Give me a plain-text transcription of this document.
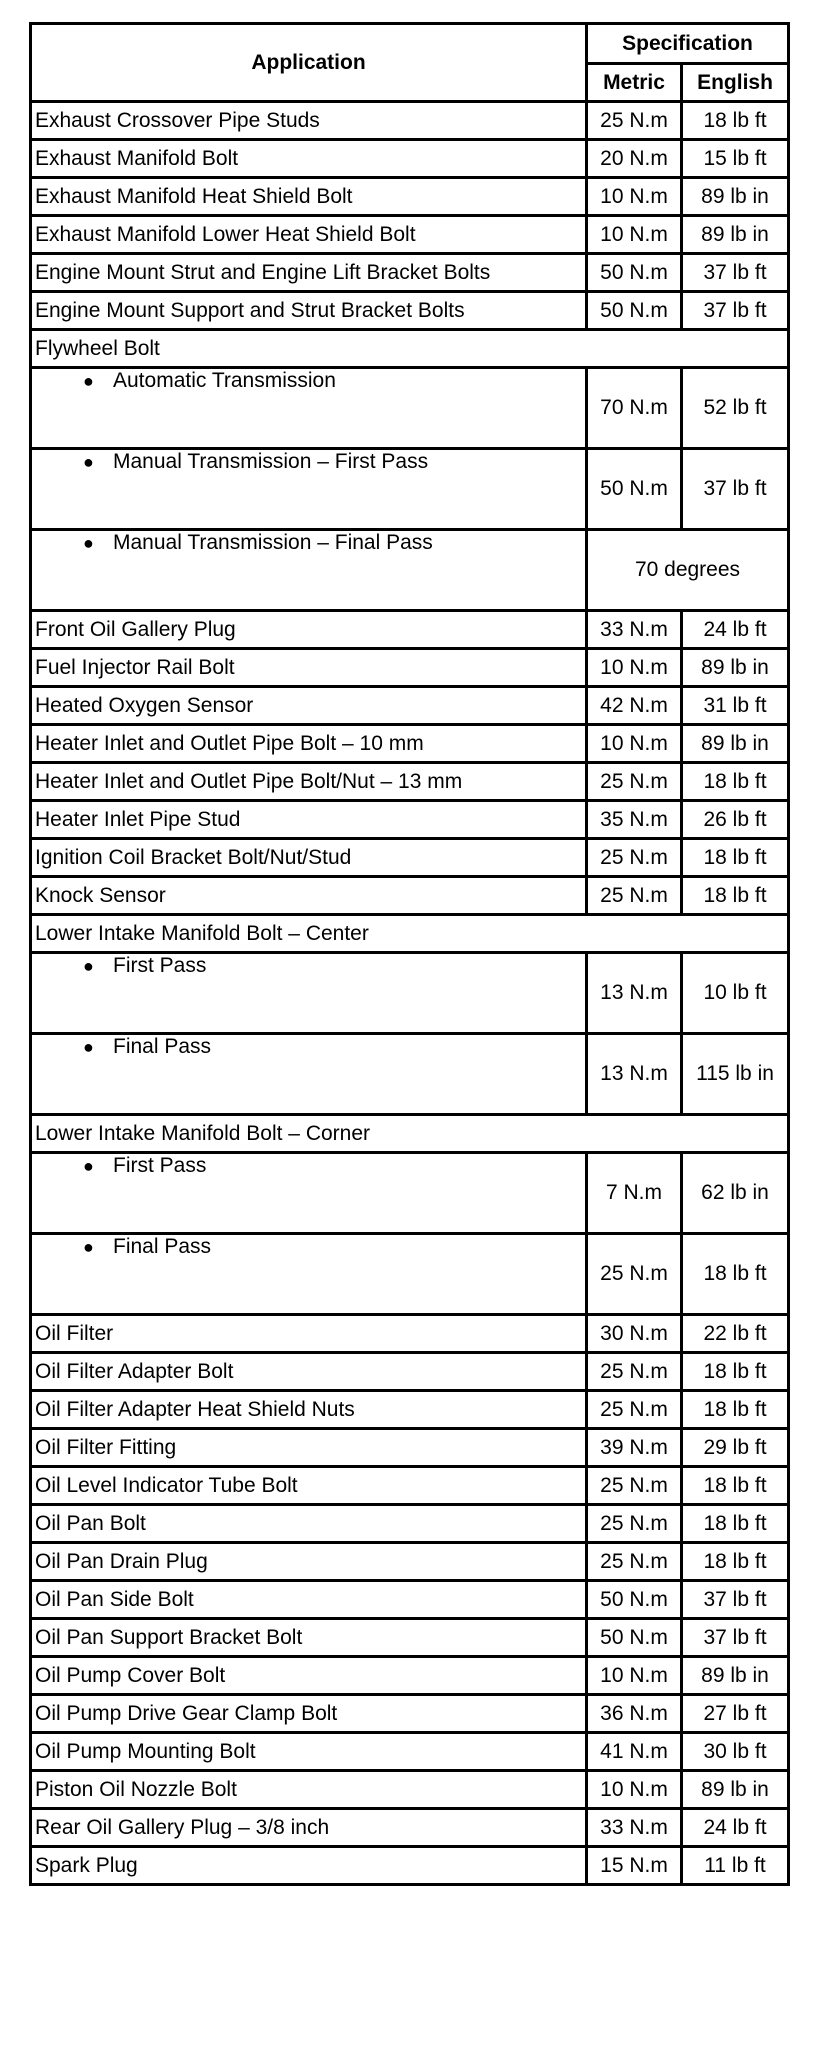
Application	Specification	
	Metric	English
Exhaust Crossover Pipe Studs	25 N.m	18 lb ft
Exhaust Manifold Bolt	20 N.m	15 lb ft
Exhaust Manifold Heat Shield Bolt	10 N.m	89 lb in
Exhaust Manifold Lower Heat Shield Bolt	10 N.m	89 lb in
Engine Mount Strut and Engine Lift Bracket Bolts	50 N.m	37 lb ft
Engine Mount Support and Strut Bracket Bolts	50 N.m	37 lb ft
Flywheel Bolt		
● Automatic Transmission	70 N.m	52 lb ft
● Manual Transmission – First Pass	50 N.m	37 lb ft
● Manual Transmission – Final Pass	70 degrees	
Front Oil Gallery Plug	33 N.m	24 lb ft
Fuel Injector Rail Bolt	10 N.m	89 lb in
Heated Oxygen Sensor	42 N.m	31 lb ft
Heater Inlet and Outlet Pipe Bolt – 10 mm	10 N.m	89 lb in
Heater Inlet and Outlet Pipe Bolt/Nut – 13 mm	25 N.m	18 lb ft
Heater Inlet Pipe Stud	35 N.m	26 lb ft
Ignition Coil Bracket Bolt/Nut/Stud	25 N.m	18 lb ft
Knock Sensor	25 N.m	18 lb ft
Lower Intake Manifold Bolt – Center		
● First Pass	13 N.m	10 lb ft
● Final Pass	13 N.m	115 lb in
Lower Intake Manifold Bolt – Corner		
● First Pass	7 N.m	62 lb in
● Final Pass	25 N.m	18 lb ft
Oil Filter	30 N.m	22 lb ft
Oil Filter Adapter Bolt	25 N.m	18 lb ft
Oil Filter Adapter Heat Shield Nuts	25 N.m	18 lb ft
Oil Filter Fitting	39 N.m	29 lb ft
Oil Level Indicator Tube Bolt	25 N.m	18 lb ft
Oil Pan Bolt	25 N.m	18 lb ft
Oil Pan Drain Plug	25 N.m	18 lb ft
Oil Pan Side Bolt	50 N.m	37 lb ft
Oil Pan Support Bracket Bolt	50 N.m	37 lb ft
Oil Pump Cover Bolt	10 N.m	89 lb in
Oil Pump Drive Gear Clamp Bolt	36 N.m	27 lb ft
Oil Pump Mounting Bolt	41 N.m	30 lb ft
Piston Oil Nozzle Bolt	10 N.m	89 lb in
Rear Oil Gallery Plug – 3/8 inch	33 N.m	24 lb ft
Spark Plug	15 N.m	11 lb ft
